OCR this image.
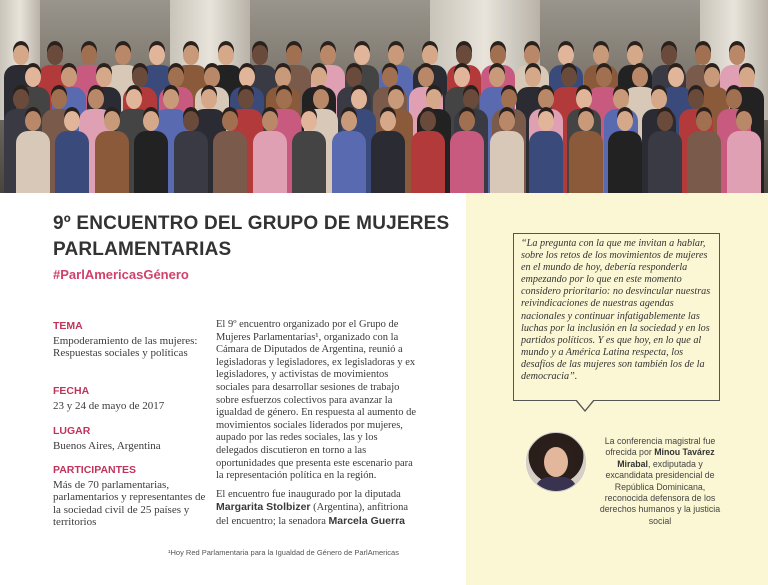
9º ENCUENTRO DEL GRUPO DE MUJERES PARLAMENTARIAS
#ParlAmericasGénero
TEMA
Empoderamiento de las mujeres: Respuestas sociales y políticas
FECHA
23 y 24 de mayo de 2017
LUGAR
Buenos Aires, Argentina
PARTICIPANTES
Más de 70 parlamentarias, parlamentarios y representantes de la sociedad civil de 25 países y territorios

El 9º encuentro organizado por el Grupo de Mujeres Parlamentarias¹, organizado con la Cámara de Diputados de Argentina, reunió a legisladoras y legisladores, ex legisladoras y ex legisladores, y activistas de movimientos sociales para desarrollar sesiones de trabajo sobre esfuerzos colectivos para avanzar la igualdad de género. En respuesta al aumento de movimientos sociales liderados por mujeres, aupado por las redes sociales, las y los delegados discutieron en torno a las oportunidades que presenta este escenario para la representación política en la región.

El encuentro fue inaugurado por la diputada Margarita Stolbizer (Argentina), anfitriona del encuentro; la senadora Marcela Guerra

¹Hoy Red Parlamentaria para la Igualdad de Género de ParlAmericas
“La pregunta con la que me invitan a hablar, sobre los retos de los movimientos de mujeres en el mundo de hoy, debería responderla empezando por lo que en este momento considero prioritario: no desvincular nuestras reivindicaciones de nuestras agendas nacionales y continuar infatigablemente las luchas por la inclusión en la sociedad y en los partidos políticos. Y es que hoy, en lo que al mundo y a América Latina respecta, los desafíos de las mujeres son también los de la democracia”.
La conferencia magistral fue ofrecida por Minou Tavárez Mirabal, exdiputada y excandidata presidencial de República Dominicana, reconocida defensora de los derechos humanos y la justicia social
